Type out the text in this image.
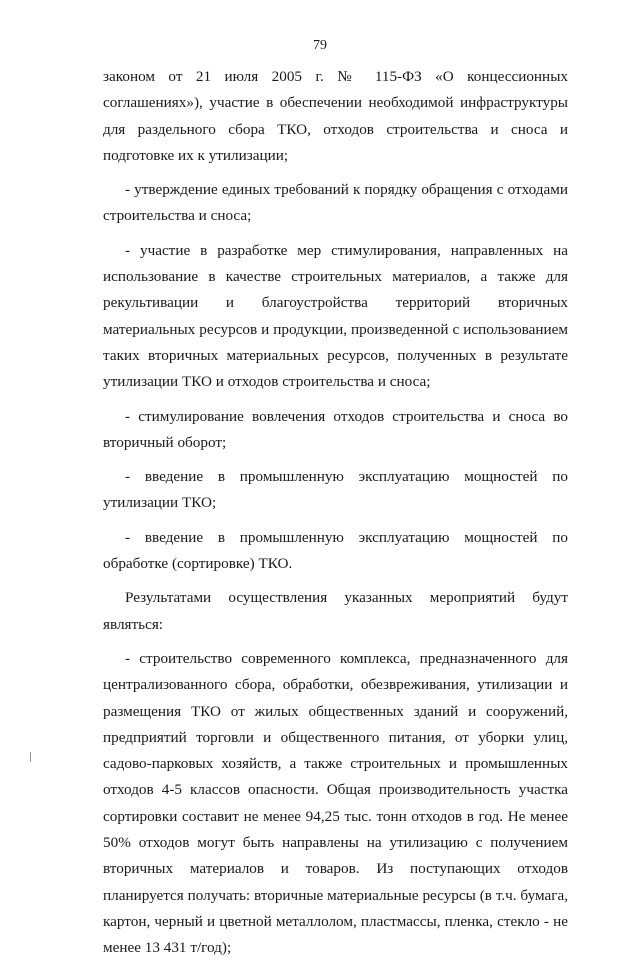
79

законом от 21 июля 2005 г. № 115-ФЗ «О концессионных соглашениях»), участие в обеспечении необходимой инфраструктуры для раздельного сбора ТКО, отходов строительства и сноса и подготовке их к утилизации;

- утверждение единых требований к порядку обращения с отходами строительства и сноса;

- участие в разработке мер стимулирования, направленных на использование в качестве строительных материалов, а также для рекультивации и благоустройства территорий вторичных материальных ресурсов и продукции, произведенной с использованием таких вторичных материальных ресурсов, полученных в результате утилизации ТКО и отходов строительства и сноса;

- стимулирование вовлечения отходов строительства и сноса во вторичный оборот;

- введение в промышленную эксплуатацию мощностей по утилизации ТКО;

- введение в промышленную эксплуатацию мощностей по обработке (сортировке) ТКО.

Результатами осуществления указанных мероприятий будут являться:

- строительство современного комплекса, предназначенного для централизованного сбора, обработки, обезвреживания, утилизации и размещения ТКО от жилых общественных зданий и сооружений, предприятий торговли и общественного питания, от уборки улиц, садово-парковых хозяйств, а также строительных и промышленных отходов 4-5 классов опасности. Общая производительность участка сортировки составит не менее 94,25 тыс. тонн отходов в год. Не менее 50% отходов могут быть направлены на утилизацию с получением вторичных материалов и товаров. Из поступающих отходов планируется получать: вторичные материальные ресурсы (в т.ч. бумага, картон, черный и цветной металлолом, пластмассы, пленка, стекло - не менее 13 431 т/год);
